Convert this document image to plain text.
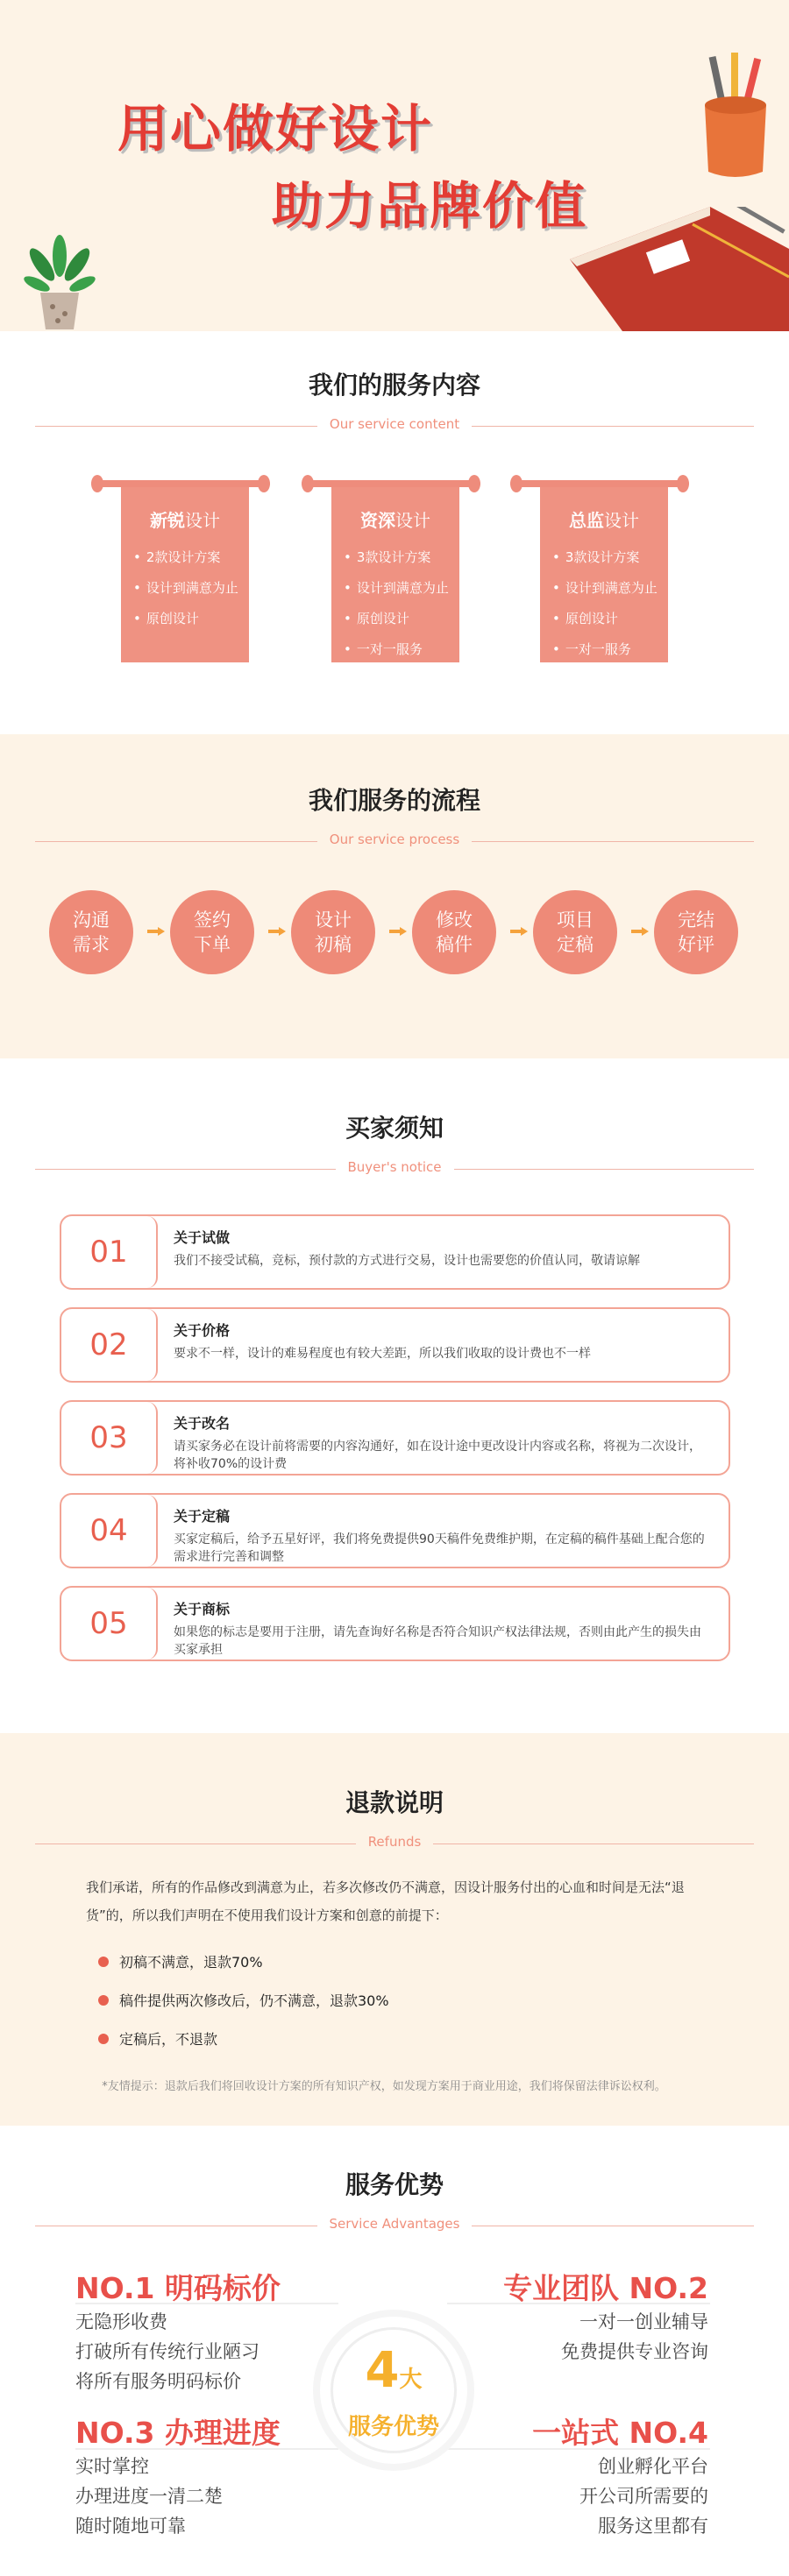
用心做好设计
助力品牌价值
我们的服务内容
Our service content
新锐设计
• 2款设计方案
• 设计到满意为止
• 原创设计
资深设计
• 3款设计方案
• 设计到满意为止
• 原创设计
• 一对一服务
总监设计
• 3款设计方案
• 设计到满意为止
• 原创设计
• 一对一服务
我们服务的流程
Our service process
沟通
需求
签约
下单
设计
初稿
修改
稿件
项目
定稿
完结
好评
买家须知
Buyer's notice
01	关于试做
我们不接受试稿，竞标，预付款的方式进行交易，设计也需要您的价值认同，敬请谅解
02	关于价格
要求不一样，设计的难易程度也有较大差距，所以我们收取的设计费也不一样
03	关于改名
请买家务必在设计前将需要的内容沟通好，如在设计途中更改设计内容或名称，将视为二次设计，将补收70%的设计费
04	关于定稿
买家定稿后，给予五星好评，我们将免费提供90天稿件免费维护期，在定稿的稿件基础上配合您的需求进行完善和调整
05	关于商标
如果您的标志是要用于注册，请先查询好名称是否符合知识产权法律法规，否则由此产生的损失由买家承担
退款说明
Refunds
我们承诺，所有的作品修改到满意为止，若多次修改仍不满意，因设计服务付出的心血和时间是无法“退货”的，所以我们声明在不使用我们设计方案和创意的前提下：
初稿不满意，退款70%
稿件提供两次修改后，仍不满意，退款30%
定稿后，不退款
*友情提示：退款后我们将回收设计方案的所有知识产权，如发现方案用于商业用途，我们将保留法律诉讼权利。
服务优势
Service Advantages
4大
服务优势
NO.1 明码标价
无隐形收费
打破所有传统行业陋习
将所有服务明码标价
专业团队 NO.2
一对一创业辅导
免费提供专业咨询
NO.3 办理进度
实时掌控
办理进度一清二楚
随时随地可靠
一站式 NO.4
创业孵化平台
开公司所需要的
服务这里都有
